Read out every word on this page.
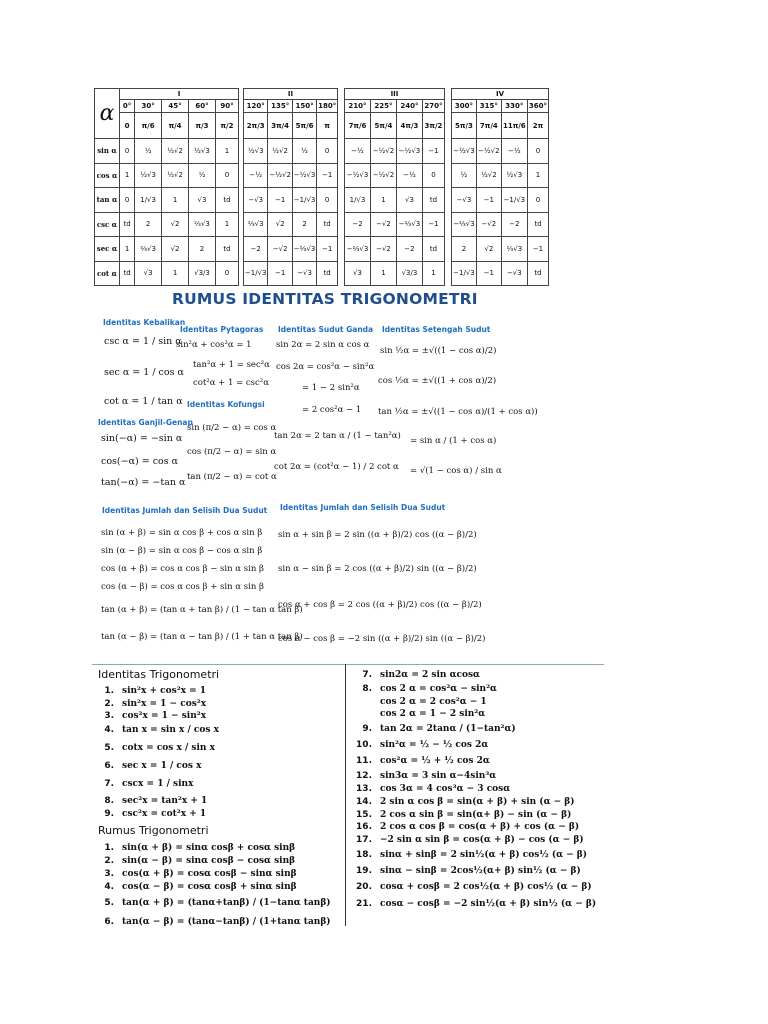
α	I				
	0°	30°	45°	60°	90°
	0	π/6	π/4	π/3	π/2
sin α	0	½	½√2	½√3	1
cos α	1	½√3	½√2	½	0
tan α	0	1/√3	1	√3	td
csc α	td	2	√2	⅔√3	1
sec α	1	⅔√3	√2	2	td
cot α	td	√3	1	√3/3	0
II			
120°	135°	150°	180°
2π/3	3π/4	5π/6	π
½√3	½√2	½	0
−½	−½√2	−½√3	−1
−√3	−1	−1/√3	0
⅔√3	√2	2	td
−2	−√2	−⅔√3	−1
−1/√3	−1	−√3	td
III			
210°	225°	240°	270°
7π/6	5π/4	4π/3	3π/2
−½	−½√2	−½√3	−1
−½√3	−½√2	−½	0
1/√3	1	√3	td
−2	−√2	−⅔√3	−1
−⅔√3	−√2	−2	td
√3	1	√3/3	1
IV			
300°	315°	330°	360°
5π/3	7π/4	11π/6	2π
−½√3	−½√2	−½	0
½	½√2	½√3	1
−√3	−1	−1/√3	0
−⅔√3	−√2	−2	td
2	√2	⅔√3	−1
−1/√3	−1	−√3	td
RUMUS IDENTITAS TRIGONOMETRI
Identitas Kebalikan
csc α = 1 / sin α
sec α = 1 / cos α
cot α = 1 / tan α
Identitas Pytagoras
sin²α + cos²α = 1
tan²α + 1 = sec²α
cot²α + 1 = csc²α
Identitas Kofungsi
sin (π/2 − α) = cos α
cos (π/2 − α) = sin α
tan (π/2 − α) = cot α
Identitas Ganjil-Genap
sin(−α) = −sin α
cos(−α) = cos α
tan(−α) = −tan α
Identitas Sudut Ganda
sin 2α = 2 sin α cos α
cos 2α = cos²α − sin²α
= 1 − 2 sin²α
= 2 cos²α − 1
tan 2α = 2 tan α / (1 − tan²α)
cot 2α = (cot²α − 1) / 2 cot α
Identitas Setengah Sudut
sin ½α = ±√((1 − cos α)/2)
cos ½α = ±√((1 + cos α)/2)
tan ½α = ±√((1 − cos α)/(1 + cos α))
= sin α / (1 + cos α)
= √(1 − cos α) / sin α
Identitas Jumlah dan Selisih Dua Sudut
sin (α + β) = sin α cos β + cos α sin β
sin (α − β) = sin α cos β − cos α sin β
cos (α + β) = cos α cos β − sin α sin β
cos (α − β) = cos α cos β + sin α sin β
tan (α + β) = (tan α + tan β) / (1 − tan α tan β)
tan (α − β) = (tan α − tan β) / (1 + tan α tan β)
Identitas Jumlah dan Selisih Dua Sudut
sin α + sin β = 2 sin ((α + β)/2) cos ((α − β)/2)
sin α − sin β = 2 cos ((α + β)/2) sin ((α − β)/2)
cos α + cos β = 2 cos ((α + β)/2) cos ((α − β)/2)
cos α − cos β = −2 sin ((α + β)/2) sin ((α − β)/2)
Identitas Trigonometri
1. sin²x + cos²x = 1
2. sin²x = 1 − cos²x
3. cos²x = 1 − sin²x
4. tan x = sin x / cos x
5. cotx = cos x / sin x
6. sec x = 1 / cos x
7. cscx = 1 / sinx
8. sec²x = tan²x + 1
9. csc²x = cot²x + 1
Rumus Trigonometri
1. sin(α + β) = sinα cosβ + cosα sinβ
2. sin(α − β) = sinα cosβ − cosα sinβ
3. cos(α + β) = cosα cosβ − sinα sinβ
4. cos(α − β) = cosα cosβ + sinα sinβ
5. tan(α + β) = (tanα+tanβ) / (1−tanα tanβ)
6. tan(α − β) = (tanα−tanβ) / (1+tanα tanβ)
7. sin2α = 2 sin αcosα
8. cos 2 α = cos²α − sin²α
cos 2 α = 2 cos²α − 1
cos 2 α = 1 − 2 sin²α
9. tan 2α = 2tanα / (1−tan²α)
10. sin²α = ½ − ½ cos 2α
11. cos²α = ½ + ½ cos 2α
12. sin3α = 3 sin α−4sin³α
13. cos 3α = 4 cos³α − 3 cosα
14. 2 sin α cos β = sin(α + β) + sin (α − β)
15. 2 cos α sin β = sin(α+ β) − sin (α − β)
16. 2 cos α cos β = cos(α + β) + cos (α − β)
17. −2 sin α sin β = cos(α + β) − cos (α − β)
18. sinα + sinβ = 2 sin½(α + β) cos½ (α − β)
19. sinα − sinβ = 2cos½(α+ β) sin½ (α − β)
20. cosα + cosβ = 2 cos½(α + β) cos½ (α − β)
21. cosα − cosβ = −2 sin½(α + β) sin½ (α − β)
